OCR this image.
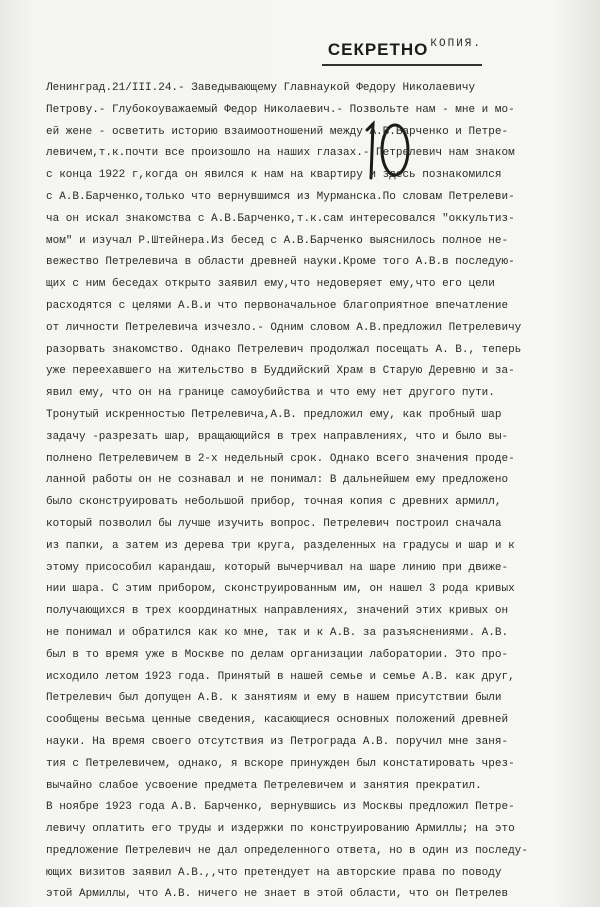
СЕКРЕТНО КОПИЯ.
10
Ленинград.21/III.24.- Заведывающему Главнаукой Федору Николаевичу
Петрову.- Глубокоуважаемый Федор Николаевич.- Позвольте нам - мне и мо-
ей жене - осветить историю взаимоотношений между А.В.Барченко и Петре-
левичем,т.к.почти все произошло на наших глазах.- Петрелевич нам знаком
с конца 1922 г,когда он явился к нам на квартиру и здесь познакомился
с А.В.Барченко,только что вернувшимся из Мурманска.По словам Петрелеви-
ча он искал знакомства с А.В.Барченко,т.к.сам интересовался "оккультиз-
мом" и изучал Р.Штейнера.Из бесед с А.В.Барченко выяснилось полное не-
вежество Петрелевича в области древней науки.Кроме того А.В.в последую-
щих с ним беседах открыто заявил ему,что недоверяет ему,что его цели
расходятся с целями А.В.и что первоначальное благоприятное впечатление
от личности Петрелевича изчезло.- Одним словом А.В.предложил Петрелевичу
разорвать знакомство. Однако Петрелевич продолжал посещать А. В., теперь
уже переехавшего на жительство в Буддийский Храм в Старую Деревню и за-
явил ему, что он на границе самоубийства и что ему нет другого пути.
Тронутый искренностью Петрелевича,А.В. предложил ему, как пробный шар
задачу -разрезать шар, вращающийся в трех направлениях, что и было вы-
полнено Петрелевичем в 2-х недельный срок. Однако всего значения проде-
ланной работы он не сознавал и не понимал: В дальнейшем ему предложено
было сконструировать небольшой прибор, точная копия с древних армилл,
который позволил бы лучше изучить вопрос. Петрелевич построил сначала
из папки, а затем из дерева три круга, разделенных на градусы и шар и к
этому присособил карандаш, который вычерчивал на шаре линию при движе-
нии шара. С этим прибором, сконструированным им, он нашел 3 рода кривых
получающихся в трех координатных направлениях, значений этих кривых он
не понимал и обратился как ко мне, так и к А.В. за разъяснениями. А.В.
был в то время уже в Москве по делам организации лаборатории. Это про-
исходило летом 1923 года. Принятый в нашей семье и семье А.В. как друг,
Петрелевич был допущен А.В. к занятиям и ему в нашем присутствии были
сообщены весьма ценные сведения, касающиеся основных положений древней
науки. На время своего отсутствия из Петрограда А.В. поручил мне заня-
тия с Петрелевичем, однако, я вскоре принужден был констатировать чрез-
вычайно слабое усвоение предмета Петрелевичем и занятия прекратил.
В ноябре 1923 года А.В. Барченко, вернувшись из Москвы предложил Петре-
левичу оплатить его труды и издержки по конструированию Армиллы; на это
предложение Петрелевич не дал определенного ответа, но в один из последу-
ющих визитов заявил А.В.,,что претендует на авторские права по поводу
этой Армиллы, что А.В. ничего не знает в этой области, что он Петрелев
